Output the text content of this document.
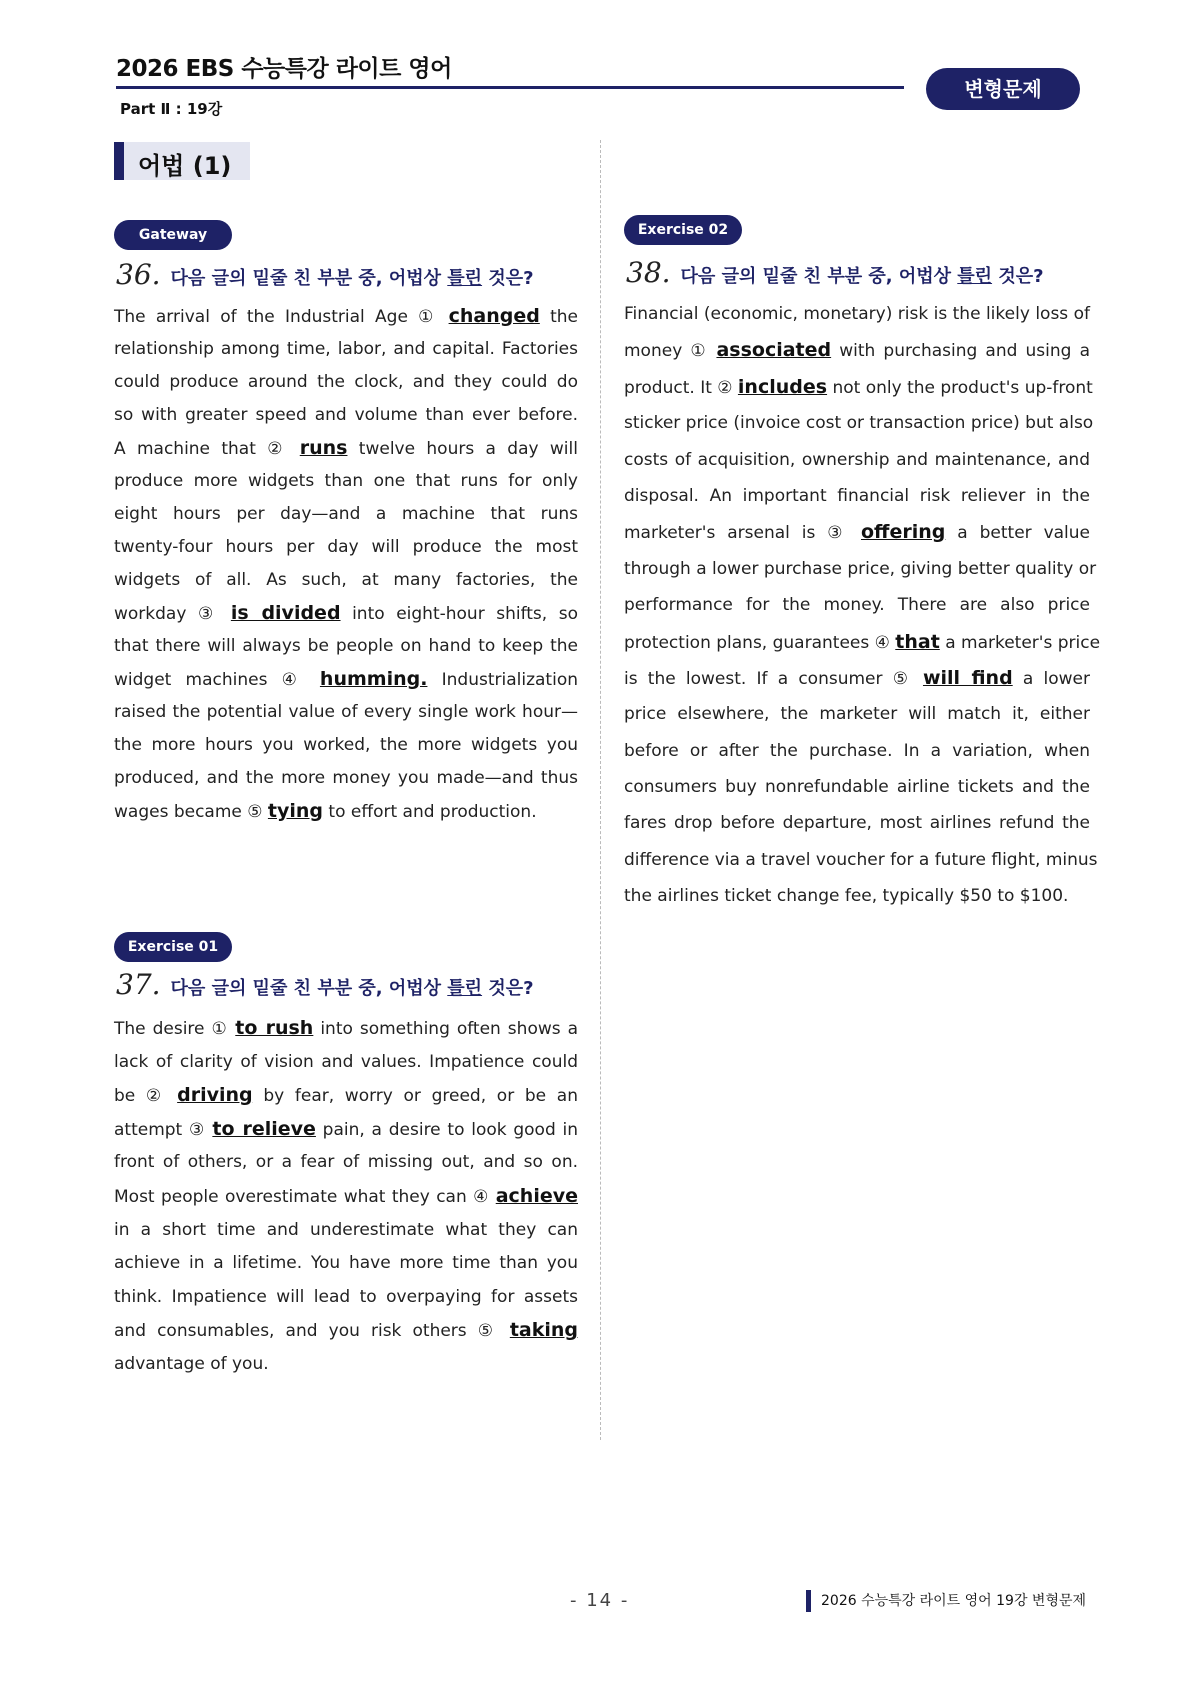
2026 EBS 수능특강 라이트 영어
Part Ⅱ : 19강
변형문제
어법 (1)
Gateway
36. 다음 글의 밑줄 친 부분 중, 어법상 틀린 것은?
The arrival of the Industrial Age ① changed the
relationship among time, labor, and capital. Factories
could produce around the clock, and they could do
so with greater speed and volume than ever before.
A machine that ② runs twelve hours a day will
produce more widgets than one that runs for only
eight hours per day—and a machine that runs
twenty-four hours per day will produce the most
widgets of all. As such, at many factories, the
workday ③ is divided into eight-hour shifts, so
that there will always be people on hand to keep the
widget machines ④ humming. Industrialization
raised the potential value of every single work hour—
the more hours you worked, the more widgets you
produced, and the more money you made—and thus
wages became ⑤ tying to effort and production.
Exercise 01
37. 다음 글의 밑줄 친 부분 중, 어법상 틀린 것은?
The desire ① to rush into something often shows a
lack of clarity of vision and values. Impatience could
be ② driving by fear, worry or greed, or be an
attempt ③ to relieve pain, a desire to look good in
front of others, or a fear of missing out, and so on.
Most people overestimate what they can ④ achieve
in a short time and underestimate what they can
achieve in a lifetime. You have more time than you
think. Impatience will lead to overpaying for assets
and consumables, and you risk others ⑤ taking
advantage of you.
Exercise 02
38. 다음 글의 밑줄 친 부분 중, 어법상 틀린 것은?
Financial (economic, monetary) risk is the likely loss of
money ① associated with purchasing and using a
product. It ② includes not only the product's up-front
sticker price (invoice cost or transaction price) but also
costs of acquisition, ownership and maintenance, and
disposal. An important financial risk reliever in the
marketer's arsenal is ③ offering a better value
through a lower purchase price, giving better quality or
performance for the money. There are also price
protection plans, guarantees ④ that a marketer's price
is the lowest. If a consumer ⑤ will find a lower
price elsewhere, the marketer will match it, either
before or after the purchase. In a variation, when
consumers buy nonrefundable airline tickets and the
fares drop before departure, most airlines refund the
difference via a travel voucher for a future flight, minus
the airlines ticket change fee, typically $50 to $100.
- 14 -	2026 수능특강 라이트 영어 19강 변형문제
